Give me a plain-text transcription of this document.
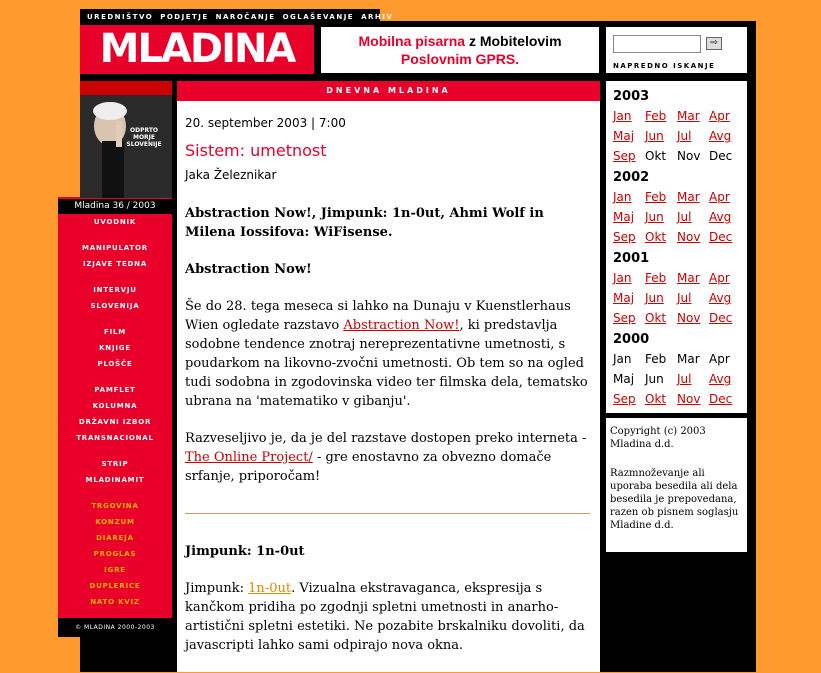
UREDNIŠTVO PODJETJE NAROČANJE OGLAŠEVANJE ARHIV
MLADINA	Mobilna pisarna z Mobitelovim
Poslovnim GPRS.
⇨
NAPREDNO ISKANJE
ODPRTO MORJE SLOVENIJE
Mladina 36 / 2003
UVODNIK
MANIPULATOR
IZJAVE TEDNA
INTERVJU
SLOVENIJA
FILM
KNJIGE
PLOŠČE
PAMFLET
KOLUMNA
DRŽAVNI IZBOR
TRANSNACIONAL
STRIP
MLADINAMIT
TRGOVINA
KONZUM
DIAREJA
PROGLAS
IGRE
DUPLERICE
NATO KVIZ
© MLADINA 2000-2003
DNEVNA MLADINA
20. september 2003 | 7:00
Sistem: umetnost
Jaka Železnikar

Abstraction Now!, Jimpunk: 1n-0ut, Ahmi Wolf in Milena Iossifova: WiFisense.

Abstraction Now!

Še do 28. tega meseca si lahko na Dunaju v Kuenstlerhaus Wien ogledate razstavo Abstraction Now!, ki predstavlja sodobne tendence znotraj nereprezentativne umetnosti, s poudarkom na likovno-zvočni umetnosti. Ob tem so na ogled tudi sodobna in zgodovinska video ter filmska dela, tematsko ubrana na 'matematiko v gibanju'.

Razveseljivo je, da je del razstave dostopen preko interneta - The Online Project/ - gre enostavno za obvezno domače srfanje, priporočam!

Jimpunk: 1n-0ut

Jimpunk: 1n-0ut. Vizualna ekstravaganca, ekspresija s kančkom pridiha po zgodnji spletni umetnosti in anarho-artistični spletni estetiki. Ne pozabite brskalniku dovoliti, da javascripti lahko sami odpirajo nova okna.

2003
Jan Feb Mar Apr
Maj Jun Jul Avg
Sep Okt Nov Dec
2002
Jan Feb Mar Apr
Maj Jun Jul Avg
Sep Okt Nov Dec
2001
Jan Feb Mar Apr
Maj Jun Jul Avg
Sep Okt Nov Dec
2000
Jan Feb Mar Apr
Maj Jun Jul Avg
Sep Okt Nov Dec

Copyright (c) 2003 Mladina d.d.

Razmnoževanje ali uporaba besedila ali dela besedila je prepovedana, razen ob pisnem soglasju Mladine d.d.
